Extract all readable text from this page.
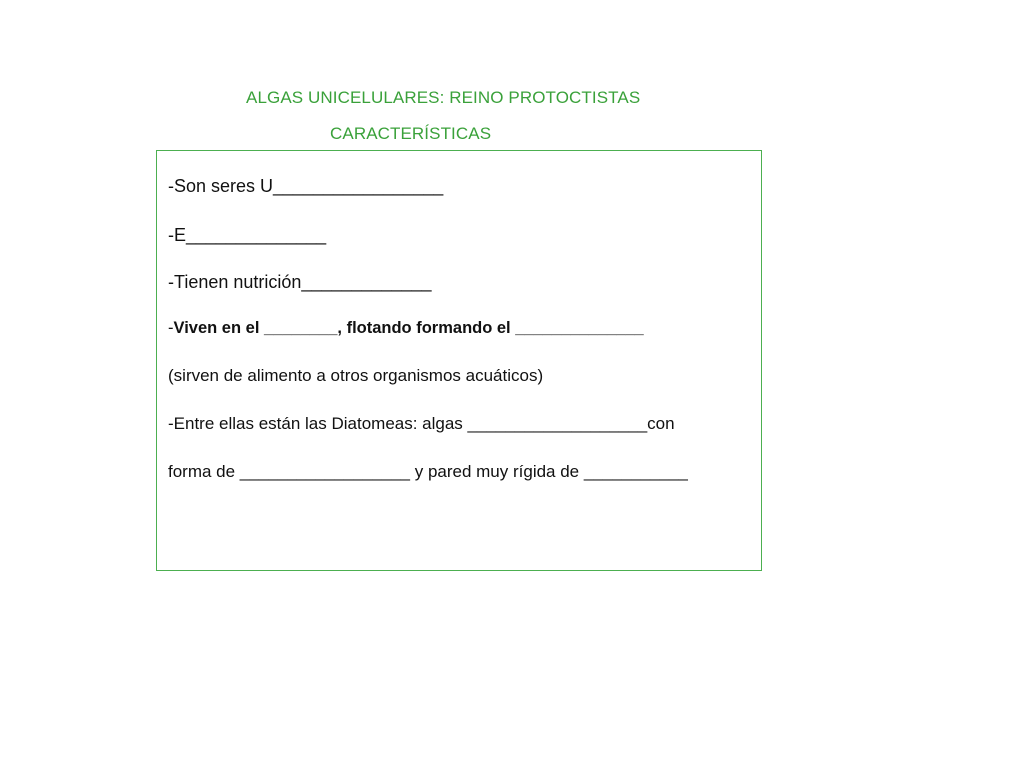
ALGAS UNICELULARES: REINO PROTOCTISTAS
CARACTERÍSTICAS
-Son seres U_________________
-E______________
-Tienen nutrición_____________
-Viven en el ________, flotando formando el ______________
(sirven de alimento a otros organismos acuáticos)
-Entre ellas están las Diatomeas: algas ___________________con
forma de __________________ y pared muy rígida de ___________
